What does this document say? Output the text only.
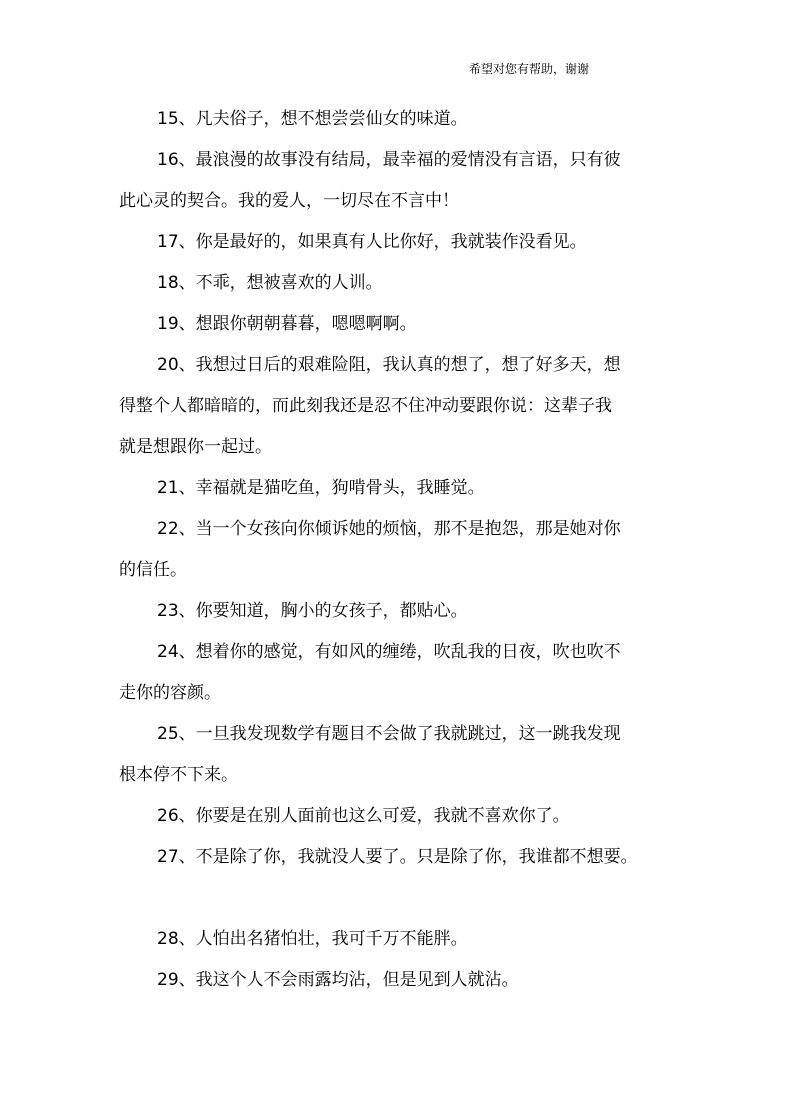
希望对您有帮助，谢谢

15、凡夫俗子，想不想尝尝仙女的味道。

16、最浪漫的故事没有结局，最幸福的爱情没有言语，只有彼
此心灵的契合。我的爱人，一切尽在不言中！

17、你是最好的，如果真有人比你好，我就装作没看见。

18、不乖，想被喜欢的人训。

19、想跟你朝朝暮暮，嗯嗯啊啊。

20、我想过日后的艰难险阻，我认真的想了，想了好多天，想
得整个人都暗暗的，而此刻我还是忍不住冲动要跟你说：这辈子我
就是想跟你一起过。

21、幸福就是猫吃鱼，狗啃骨头，我睡觉。

22、当一个女孩向你倾诉她的烦恼，那不是抱怨，那是她对你
的信任。

23、你要知道，胸小的女孩子，都贴心。

24、想着你的感觉，有如风的缠绻，吹乱我的日夜，吹也吹不
走你的容颜。

25、一旦我发现数学有题目不会做了我就跳过，这一跳我发现
根本停不下来。

26、你要是在别人面前也这么可爱，我就不喜欢你了。

27、不是除了你，我就没人要了。只是除了你，我谁都不想要。

28、人怕出名猪怕壮，我可千万不能胖。

29、我这个人不会雨露均沾，但是见到人就沾。
